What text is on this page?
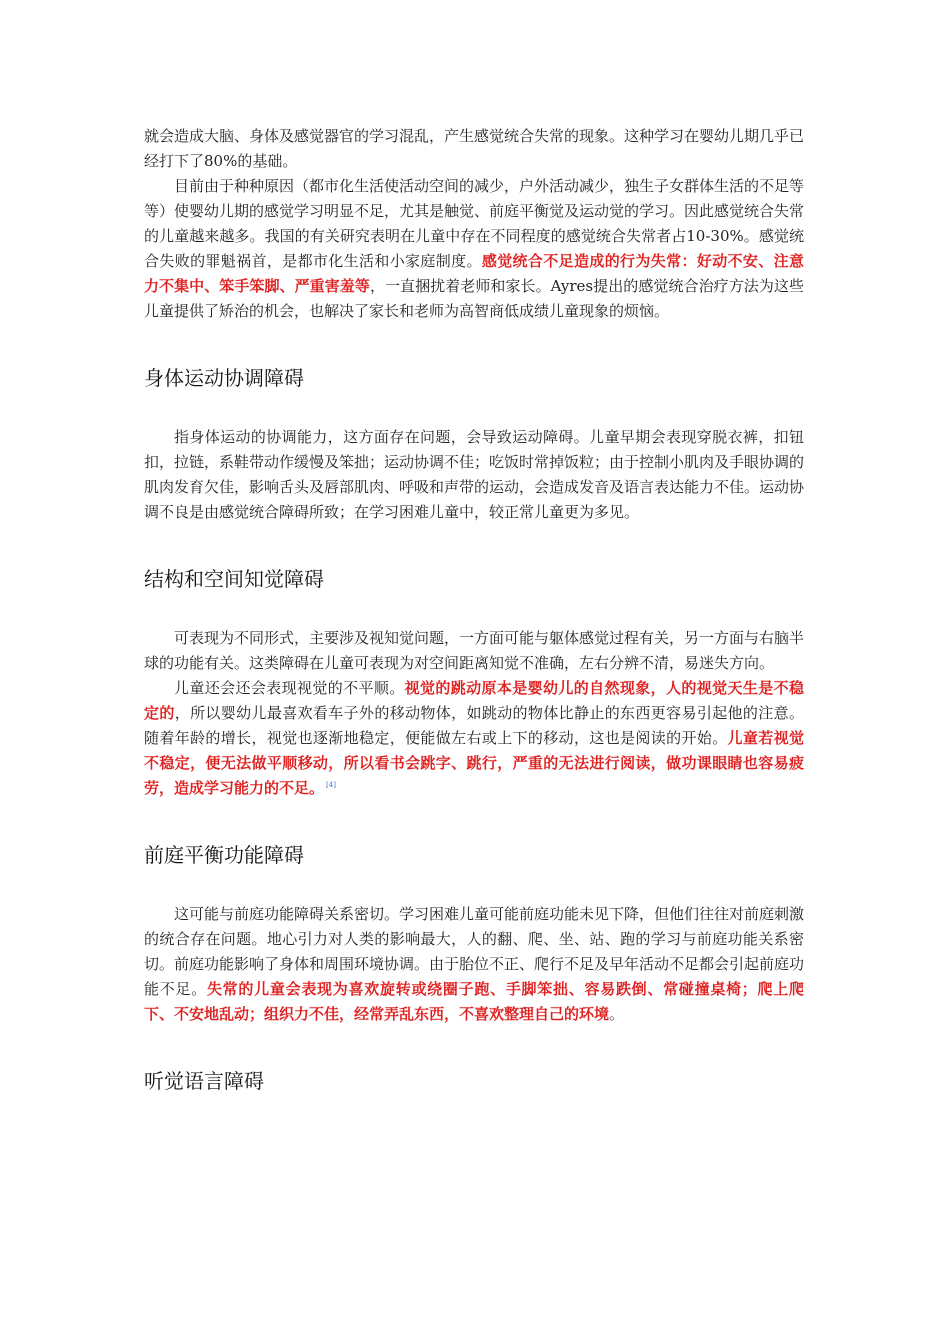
就会造成大脑、身体及感觉器官的学习混乱，产生感觉统合失常的现象。这种学习在婴幼儿期几乎已经打下了80%的基础。

目前由于种种原因（都市化生活使活动空间的减少，户外活动减少，独生子女群体生活的不足等等）使婴幼儿期的感觉学习明显不足，尤其是触觉、前庭平衡觉及运动觉的学习。因此感觉统合失常的儿童越来越多。我国的有关研究表明在儿童中存在不同程度的感觉统合失常者占10-30%。感觉统合失败的罪魁祸首，是都市化生活和小家庭制度。感觉统合不足造成的行为失常：好动不安、注意力不集中、笨手笨脚、严重害羞等，一直捆扰着老师和家长。Ayres提出的感觉统合治疗方法为这些儿童提供了矫治的机会，也解决了家长和老师为高智商低成绩儿童现象的烦恼。

身体运动协调障碍

指身体运动的协调能力，这方面存在问题，会导致运动障碍。儿童早期会表现穿脱衣裤，扣钮扣，拉链，系鞋带动作缓慢及笨拙；运动协调不佳；吃饭时常掉饭粒；由于控制小肌肉及手眼协调的肌肉发育欠佳，影响舌头及唇部肌肉、呼吸和声带的运动，会造成发音及语言表达能力不佳。运动协调不良是由感觉统合障碍所致；在学习困难儿童中，较正常儿童更为多见。

结构和空间知觉障碍

可表现为不同形式，主要涉及视知觉问题，一方面可能与躯体感觉过程有关，另一方面与右脑半球的功能有关。这类障碍在儿童可表现为对空间距离知觉不准确，左右分辨不清，易迷失方向。

儿童还会还会表现视觉的不平顺。视觉的跳动原本是婴幼儿的自然现象，人的视觉天生是不稳定的，所以婴幼儿最喜欢看车子外的移动物体，如跳动的物体比静止的东西更容易引起他的注意。随着年龄的增长，视觉也逐渐地稳定，便能做左右或上下的移动，这也是阅读的开始。儿童若视觉不稳定，便无法做平顺移动，所以看书会跳字、跳行，严重的无法进行阅读，做功课眼睛也容易疲劳，造成学习能力的不足。 [4]

前庭平衡功能障碍

这可能与前庭功能障碍关系密切。学习困难儿童可能前庭功能未见下降，但他们往往对前庭刺激的统合存在问题。地心引力对人类的影响最大，人的翻、爬、坐、站、跑的学习与前庭功能关系密切。前庭功能影响了身体和周围环境协调。由于胎位不正、爬行不足及早年活动不足都会引起前庭功能不足。失常的儿童会表现为喜欢旋转或绕圈子跑、手脚笨拙、容易跌倒、常碰撞桌椅；爬上爬下、不安地乱动；组织力不佳，经常弄乱东西，不喜欢整理自己的环境。

听觉语言障碍
